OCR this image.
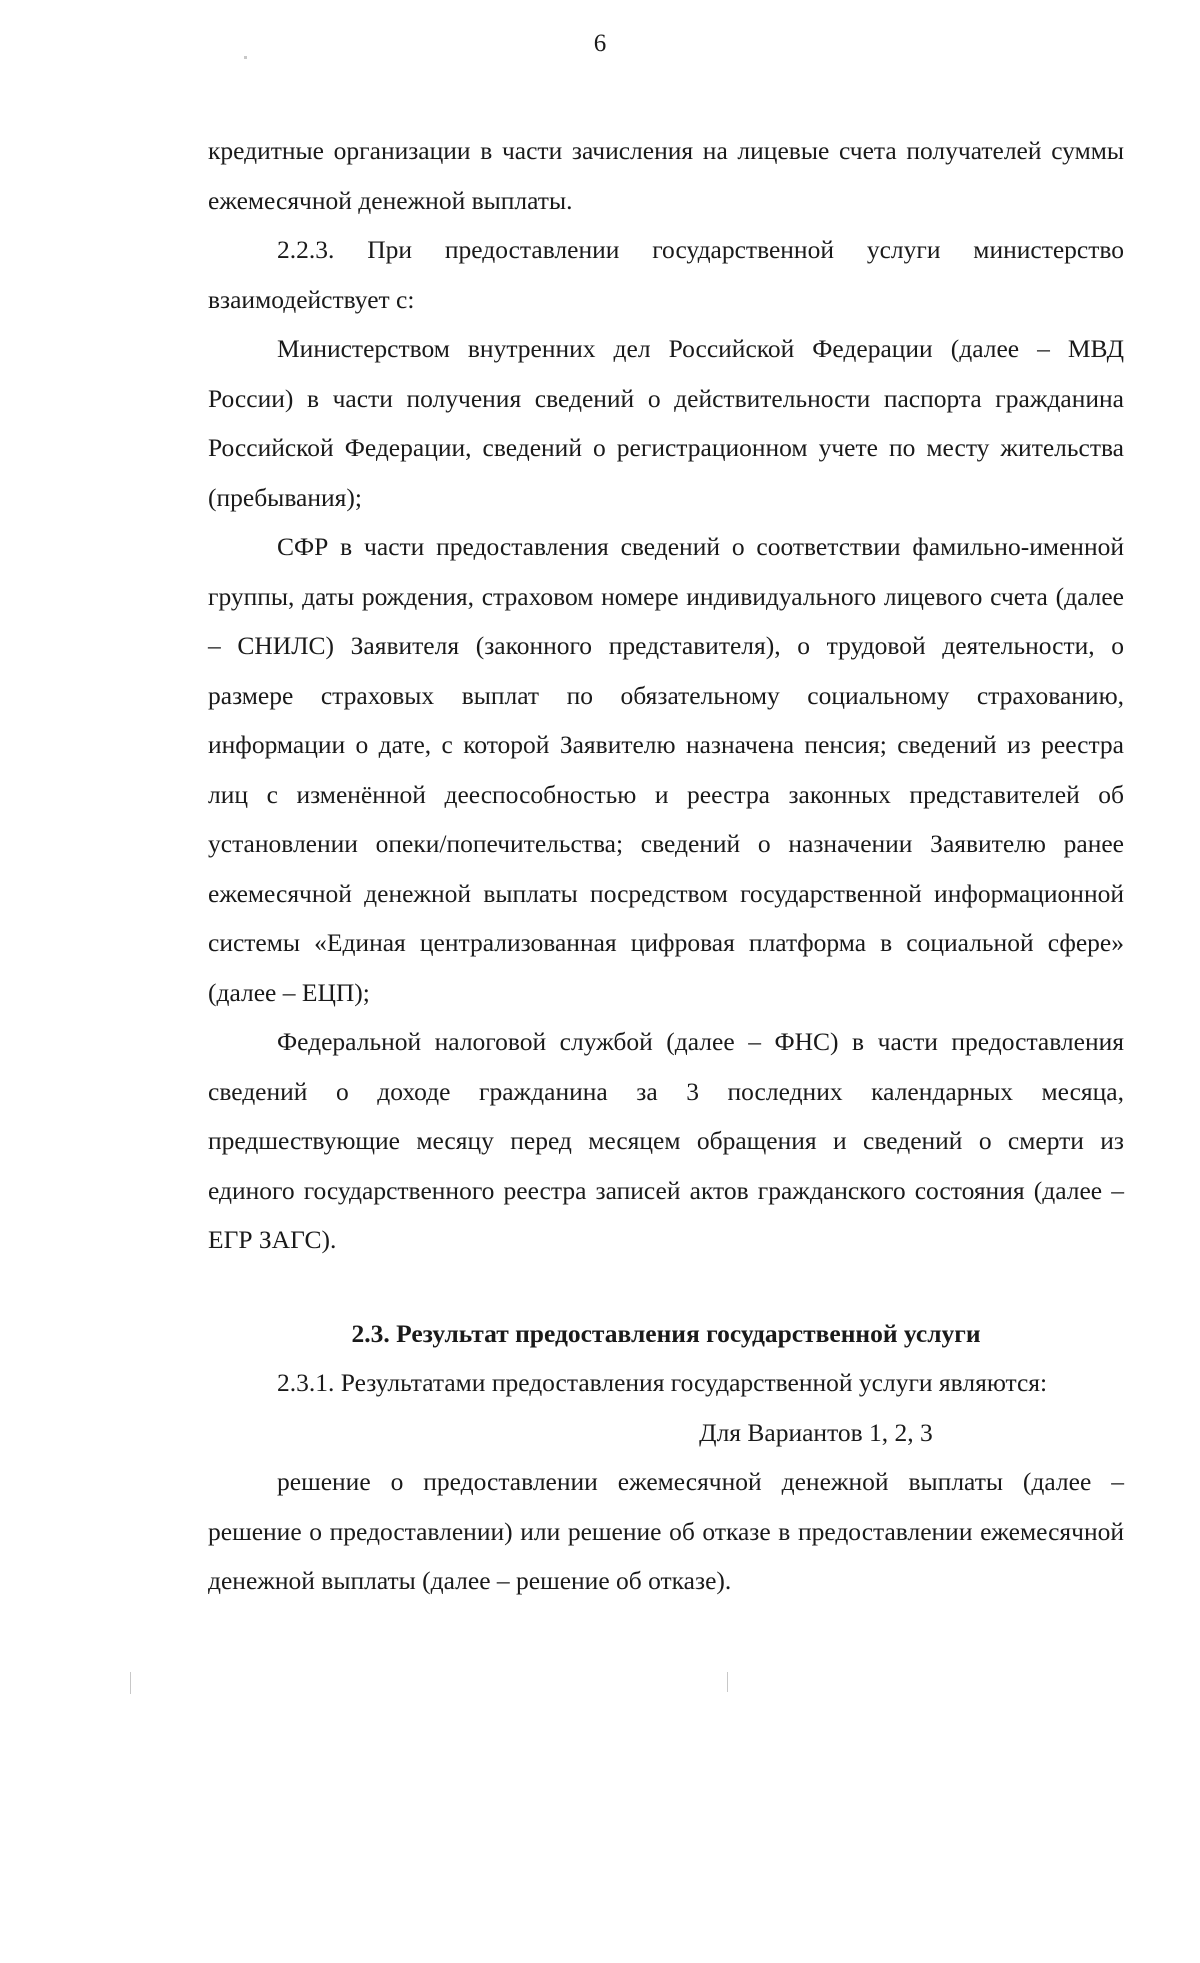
6

кредитные организации в части зачисления на лицевые счета получателей суммы ежемесячной денежной выплаты.

2.2.3. При предоставлении государственной услуги министерство взаимодействует с:

Министерством внутренних дел Российской Федерации (далее – МВД России) в части получения сведений о действительности паспорта гражданина Российской Федерации, сведений о регистрационном учете по месту жительства (пребывания);

СФР в части предоставления сведений о соответствии фамильно-именной группы, даты рождения, страховом номере индивидуального лицевого счета (далее – СНИЛС) Заявителя (законного представителя), о трудовой деятельности, о размере страховых выплат по обязательному социальному страхованию, информации о дате, с которой Заявителю назначена пенсия; сведений из реестра лиц с изменённой дееспособностью и реестра законных представителей об установлении опеки/попечительства; сведений о назначении Заявителю ранее ежемесячной денежной выплаты посредством государственной информационной системы «Единая централизованная цифровая платформа в социальной сфере» (далее – ЕЦП);

Федеральной налоговой службой (далее – ФНС) в части предоставления сведений о доходе гражданина за 3 последних календарных месяца, предшествующие месяцу перед месяцем обращения и сведений о смерти из единого государственного реестра записей актов гражданского состояния (далее – ЕГР ЗАГС).

2.3. Результат предоставления государственной услуги

2.3.1. Результатами предоставления государственной услуги являются:

Для Вариантов 1, 2, 3

решение о предоставлении ежемесячной денежной выплаты (далее – решение о предоставлении) или решение об отказе в предоставлении ежемесячной денежной выплаты (далее – решение об отказе).
